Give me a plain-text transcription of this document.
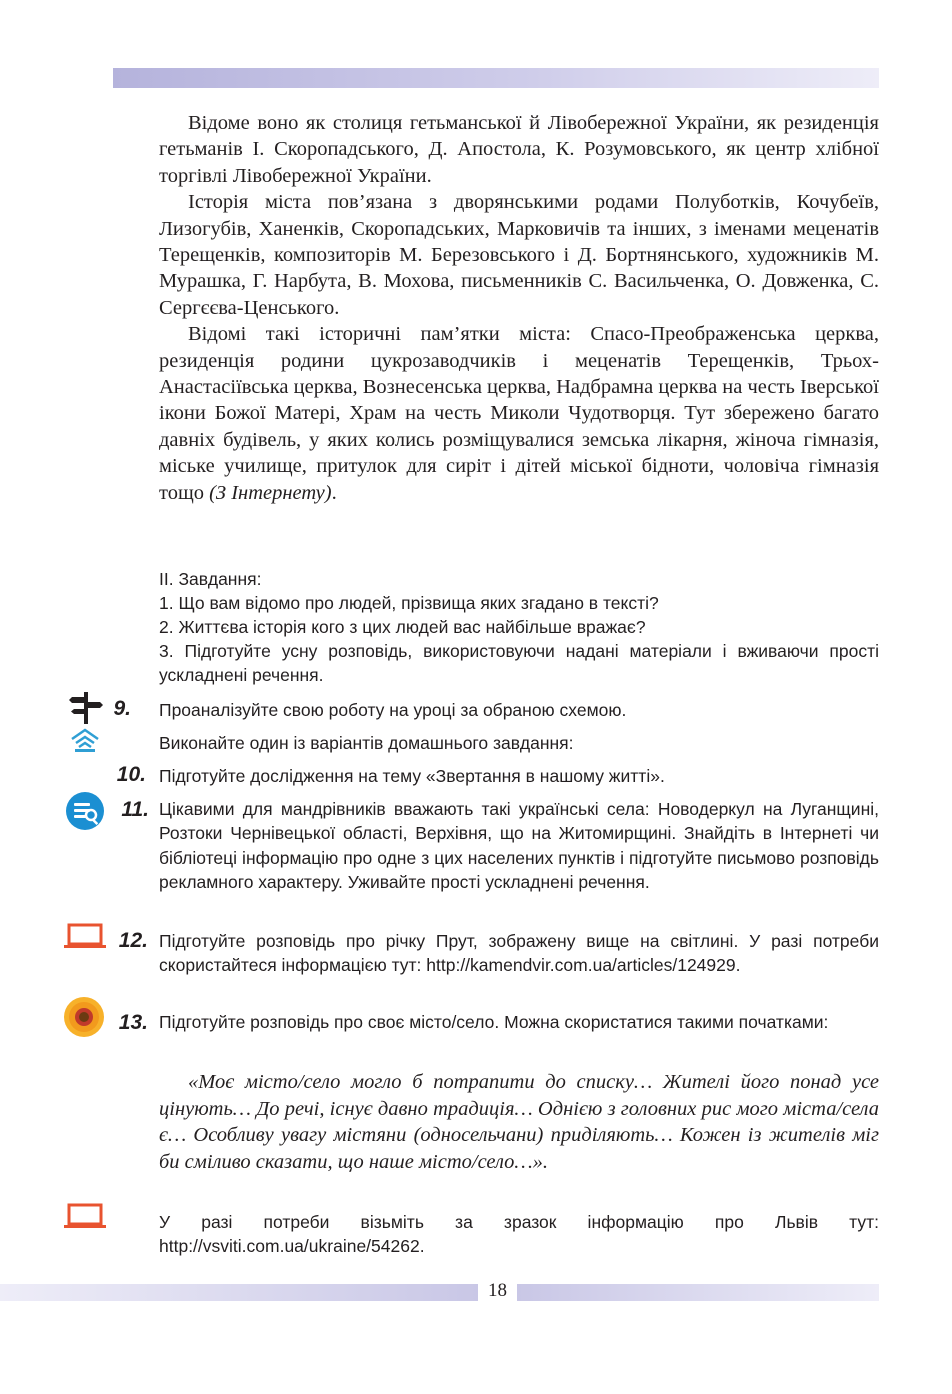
Відоме воно як столиця гетьманської й Лівобережної України, як резиденція гетьманів І. Скоропадського, Д. Апостола, К. Розумовського, як центр хлібної торгівлі Лівобережної України.

Історія міста пов’язана з дворянськими родами Полуботків, Кочубеїв, Лизогубів, Ханенків, Скоропадських, Марковичів та інших, з іменами меценатів Терещенків, композиторів М. Березовського і Д. Бортнянського, художників М. Мурашка, Г. Нарбута, В. Мохова, письменників С. Васильченка, О. Довженка, С. Сергєєва-Ценського.

Відомі такі історичні пам’ятки міста: Спасо-Преображенська церква, резиденція родини цукрозаводчиків і меценатів Терещенків, Трьох-Анастасіївська церква, Вознесенська церква, Надбрамна церква на честь Іверської ікони Божої Матері, Храм на честь Миколи Чудотворця. Тут збережено багато давніх будівель, у яких колись розміщувалися земська лікарня, жіноча гімназія, міське училище, притулок для сиріт і дітей міської бідноти, чоловіча гімназія тощо (З Інтернету).

ІІ. Завдання:

1. Що вам відомо про людей, прізвища яких згадано в тексті?

2. Життєва історія кого з цих людей вас найбільше вражає?

3. Підготуйте усну розповідь, використовуючи надані матеріали і вживаючи прості ускладнені речення.

9. Проаналізуйте свою роботу на уроці за обраною схемою.
Виконайте один із варіантів домашнього завдання:
10. Підготуйте дослідження на тему «Звертання в нашому житті».
11. Цікавими для мандрівників вважають такі українські села: Новодеркул на Луганщині, Розтоки Чернівецької області, Верхівня, що на Житомирщині. Знайдіть в Інтернеті чи бібліотеці інформацію про одне з цих населених пунктів і підготуйте письмово розповідь рекламного характеру. Уживайте прості ускладнені речення.
12. Підготуйте розповідь про річку Прут, зображену вище на світлині. У разі потреби скористайтеся інформацією тут: http://kamendvir.com.ua/articles/124929.
13. Підготуйте розповідь про своє місто/село. Можна скористатися такими початками:

«Моє місто/село могло б потрапити до списку… Жителі його понад усе цінують… До речі, існує давно традиція… Однією з головних рис мого міста/села є… Особливу увагу містяни (односельчани) приділяють… Кожен із жителів міг би сміливо сказати, що наше місто/село…».

У разі потреби візьміть за зразок інформацію про Львів тут: http://vsviti.com.ua/ukraine/54262.
18
